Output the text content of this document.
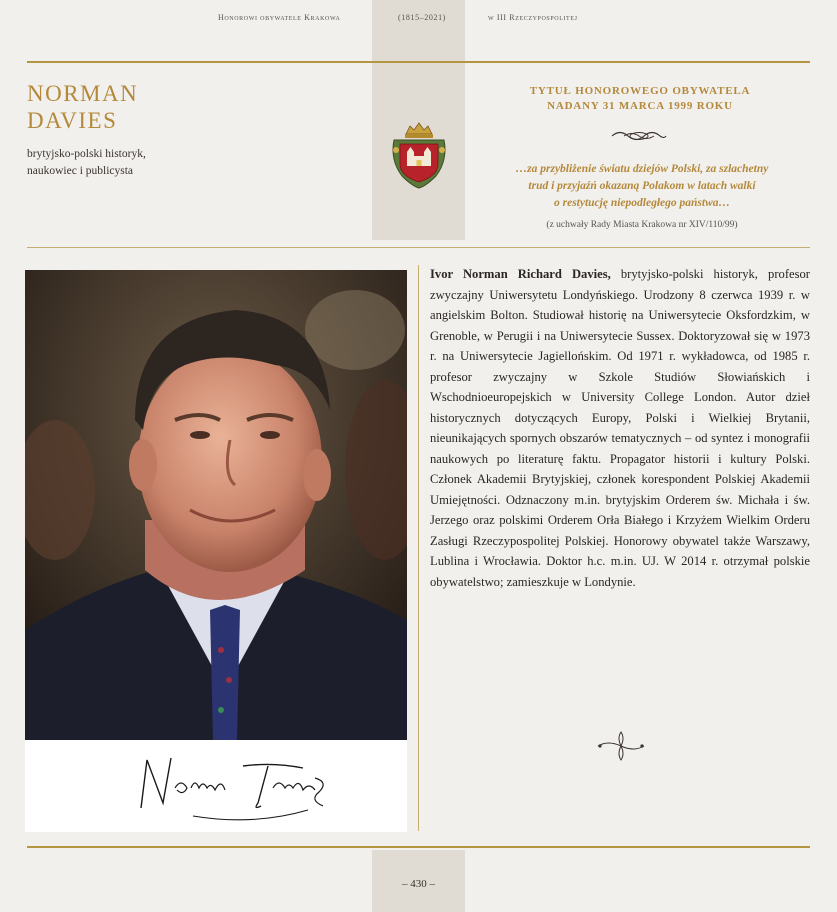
Honorowi obywatele Krakowa	(1815–2021)	w III Rzeczypospolitej
NORMAN
DAVIES
brytyjsko-polski historyk,
naukowiec i publicysta
TYTUŁ HONOROWEGO OBYWATELA
NADANY 31 MARCA 1999 ROKU
…za przybliżenie światu dziejów Polski, za szlachetny
trud i przyjaźń okazaną Polakom w latach walki
o restytucję niepodległego państwa…
(z uchwały Rady Miasta Krakowa nr XIV/110/99)
Ivor Norman Richard Davies, brytyjsko-polski historyk, profesor zwyczajny Uniwersytetu Londyńskiego. Urodzony 8 czerwca 1939 r. w angielskim Bolton. Studiował historię na Uniwersytecie Oksfordzkim, w Grenoble, w Perugii i na Uniwersytecie Sussex. Doktoryzował się w 1973 r. na Uniwersytecie Jagiellońskim. Od 1971 r. wykładowca, od 1985 r. profesor zwyczajny w Szkole Studiów Słowiańskich i Wschodnioeuropejskich w University College London. Autor dzieł historycznych dotyczących Europy, Polski i Wielkiej Brytanii, nieunikających spornych obszarów tematycznych – od syntez i monografii naukowych po literaturę faktu. Propagator historii i kultury Polski. Członek Akademii Brytyjskiej, członek korespondent Polskiej Akademii Umiejętności. Odznaczony m.in. brytyjskim Orderem św. Michała i św. Jerzego oraz polskimi Orderem Orła Białego i Krzyżem Wielkim Orderu Zasługi Rzeczypospolitej Polskiej. Honorowy obywatel także Warszawy, Lublina i Wrocławia. Doktor h.c. m.in. UJ. W 2014 r. otrzymał polskie obywatelstwo; zamieszkuje w Londynie.
– 430 –
